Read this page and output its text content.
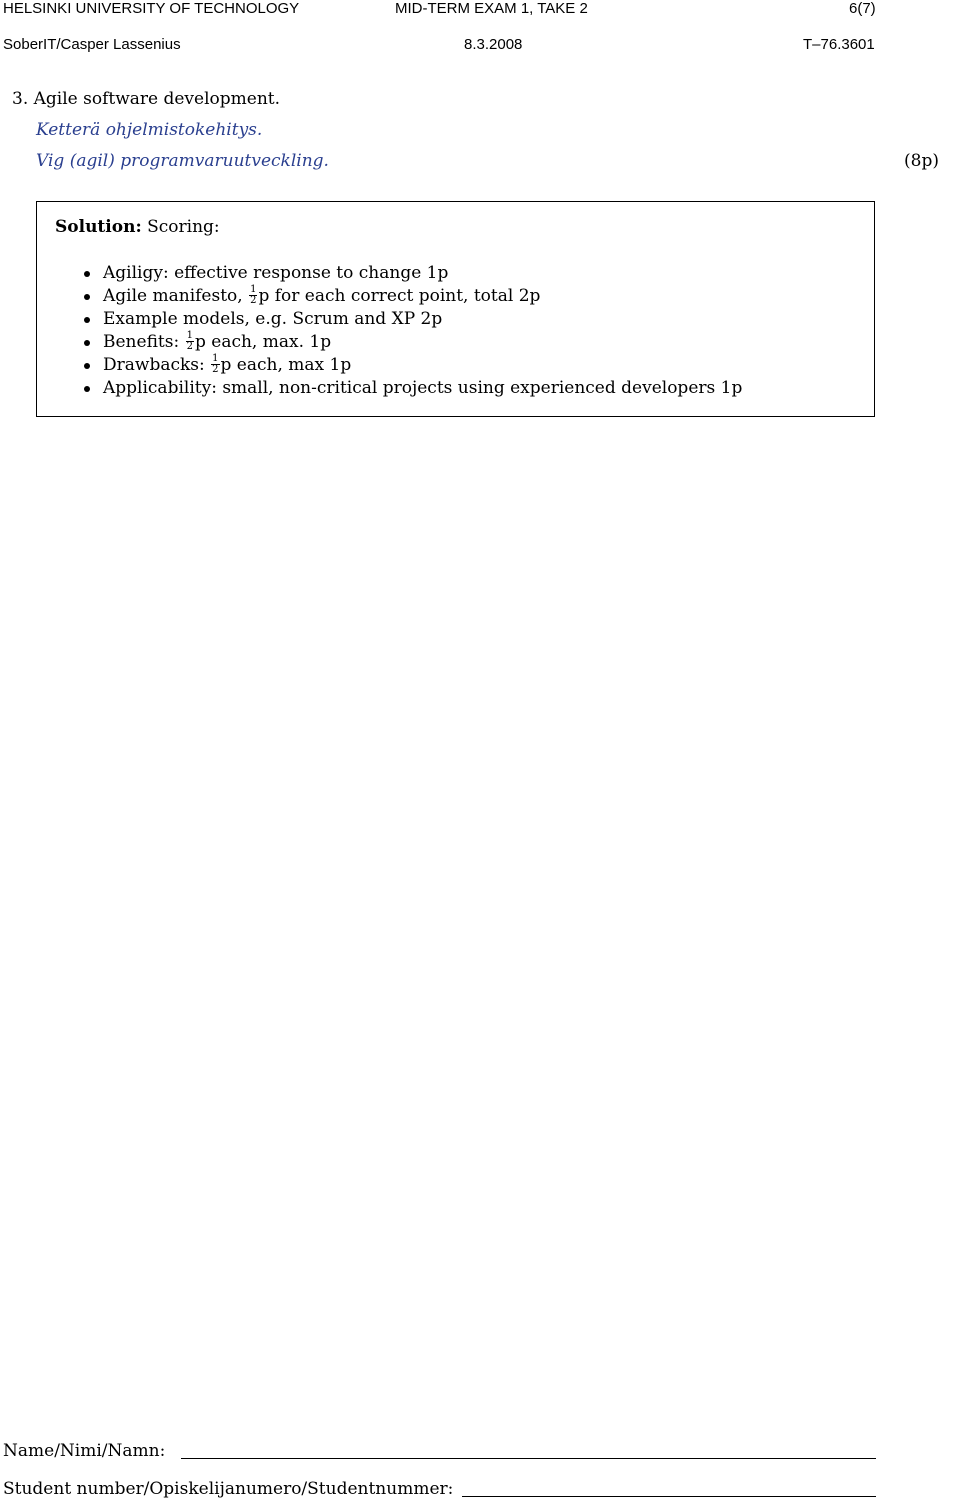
HELSINKI UNIVERSITY OF TECHNOLOGY	MID-TERM EXAM 1, TAKE 2	6(7)
SoberIT/Casper Lassenius	8.3.2008	T–76.3601
3. Agile software development.
Ketterä ohjelmistokehitys.
Vig (agil) programvaruutveckling.	(8p)
Solution: Scoring:
Agiligy: effective response to change 1p
Agile manifesto, $\frac{1}{2}$ p for each correct point, total 2p
Example models, e.g. Scrum and XP 2p
Benefits: $\frac{1}{2}$ p each, max. 1p
Drawbacks: $\frac{1}{2}$ p each, max 1p
Applicability: small, non-critical projects using experienced developers 1p
Name/Nimi/Namn:
Student number/Opiskelijanumero/Studentnummer:
